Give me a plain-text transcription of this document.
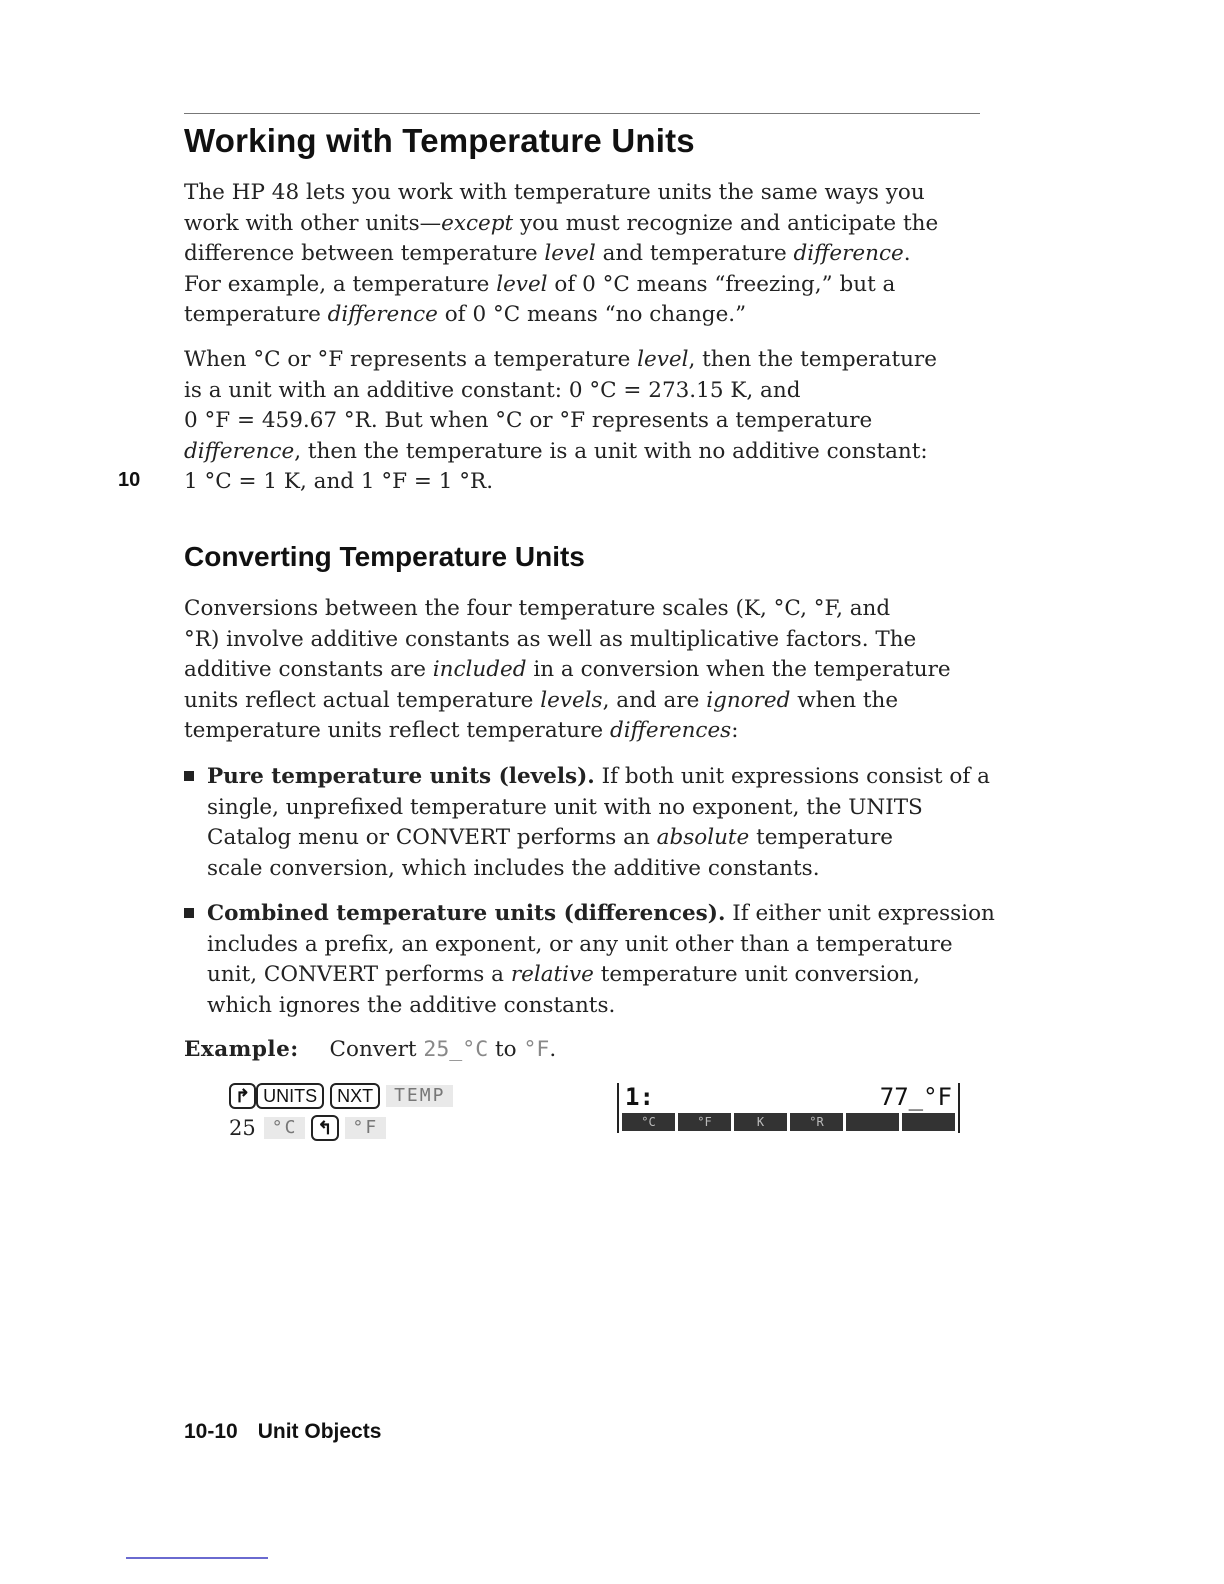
Working with Temperature Units

The HP 48 lets you work with temperature units the same ways you
work with other units—except you must recognize and anticipate the
difference between temperature level and temperature difference.
For example, a temperature level of 0 °C means “freezing,” but a
temperature difference of 0 °C means “no change.”

When °C or °F represents a temperature level, then the temperature
is a unit with an additive constant: 0 °C = 273.15 K, and
0 °F = 459.67 °R. But when °C or °F represents a temperature
difference, then the temperature is a unit with no additive constant:
1 °C = 1 K, and 1 °F = 1 °R.

10
Converting Temperature Units

Conversions between the four temperature scales (K, °C, °F, and
°R) involve additive constants as well as multiplicative factors. The
additive constants are included in a conversion when the temperature
units reflect actual temperature levels, and are ignored when the
temperature units reflect temperature differences:

Pure temperature units (levels). If both unit expressions consist of a
single, unprefixed temperature unit with no exponent, the UNITS
Catalog menu or CONVERT performs an absolute temperature
scale conversion, which includes the additive constants.

Combined temperature units (differences). If either unit expression
includes a prefix, an exponent, or any unit other than a temperature
unit, CONVERT performs a relative temperature unit conversion,
which ignores the additive constants.

Example: Convert 25_°C to °F.
↱ UNITS NXT TEMP
25 °C ↰ °F
1:	77_°F
°C	°F	K	°R
10-10 Unit Objects
